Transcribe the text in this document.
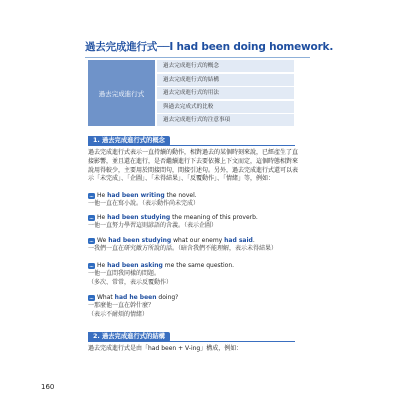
過去完成進行式──I had been doing homework.
過去完成進行式
過去完成進行式的概念
過去完成進行式的結構
過去完成進行式的用法
與過去完成式的比較
過去完成進行式的注意事項
1. 過去完成進行式的概念
過去完成進行式表示一直持續的動作，相對過去的某個時刻來說，已經產生了直接影響，並且還在進行，是否繼續進行下去要依據上下文而定，這個時態相對來說用得較少，主要用於間接問句，間接引述句。另外，過去完成進行式還可以表示「未完成」、「企圖」、「未得結果」、「反覆動作」、「情緒」等，例如：
… He had been writing the novel.
一他一直在寫小說。（表示動作尚未完成）
… He had been studying the meaning of this proverb.
一他一直努力學習這則諺語的含義。（表示企圖）
… We had been studying what our enemy had said.
一我們一直在研究敵方所說的話。（暗含我們不能理解，表示未得結果）
… He had been asking me the same question.
一他一直問我同樣的問題。
（多次、常常，表示反覆動作）
… What had he been doing?
一那麼他一直在幹什麼？
（表示不耐煩的情緒）
2. 過去完成進行式的結構
過去完成進行式是由「had been + V-ing」構成，例如：
160
